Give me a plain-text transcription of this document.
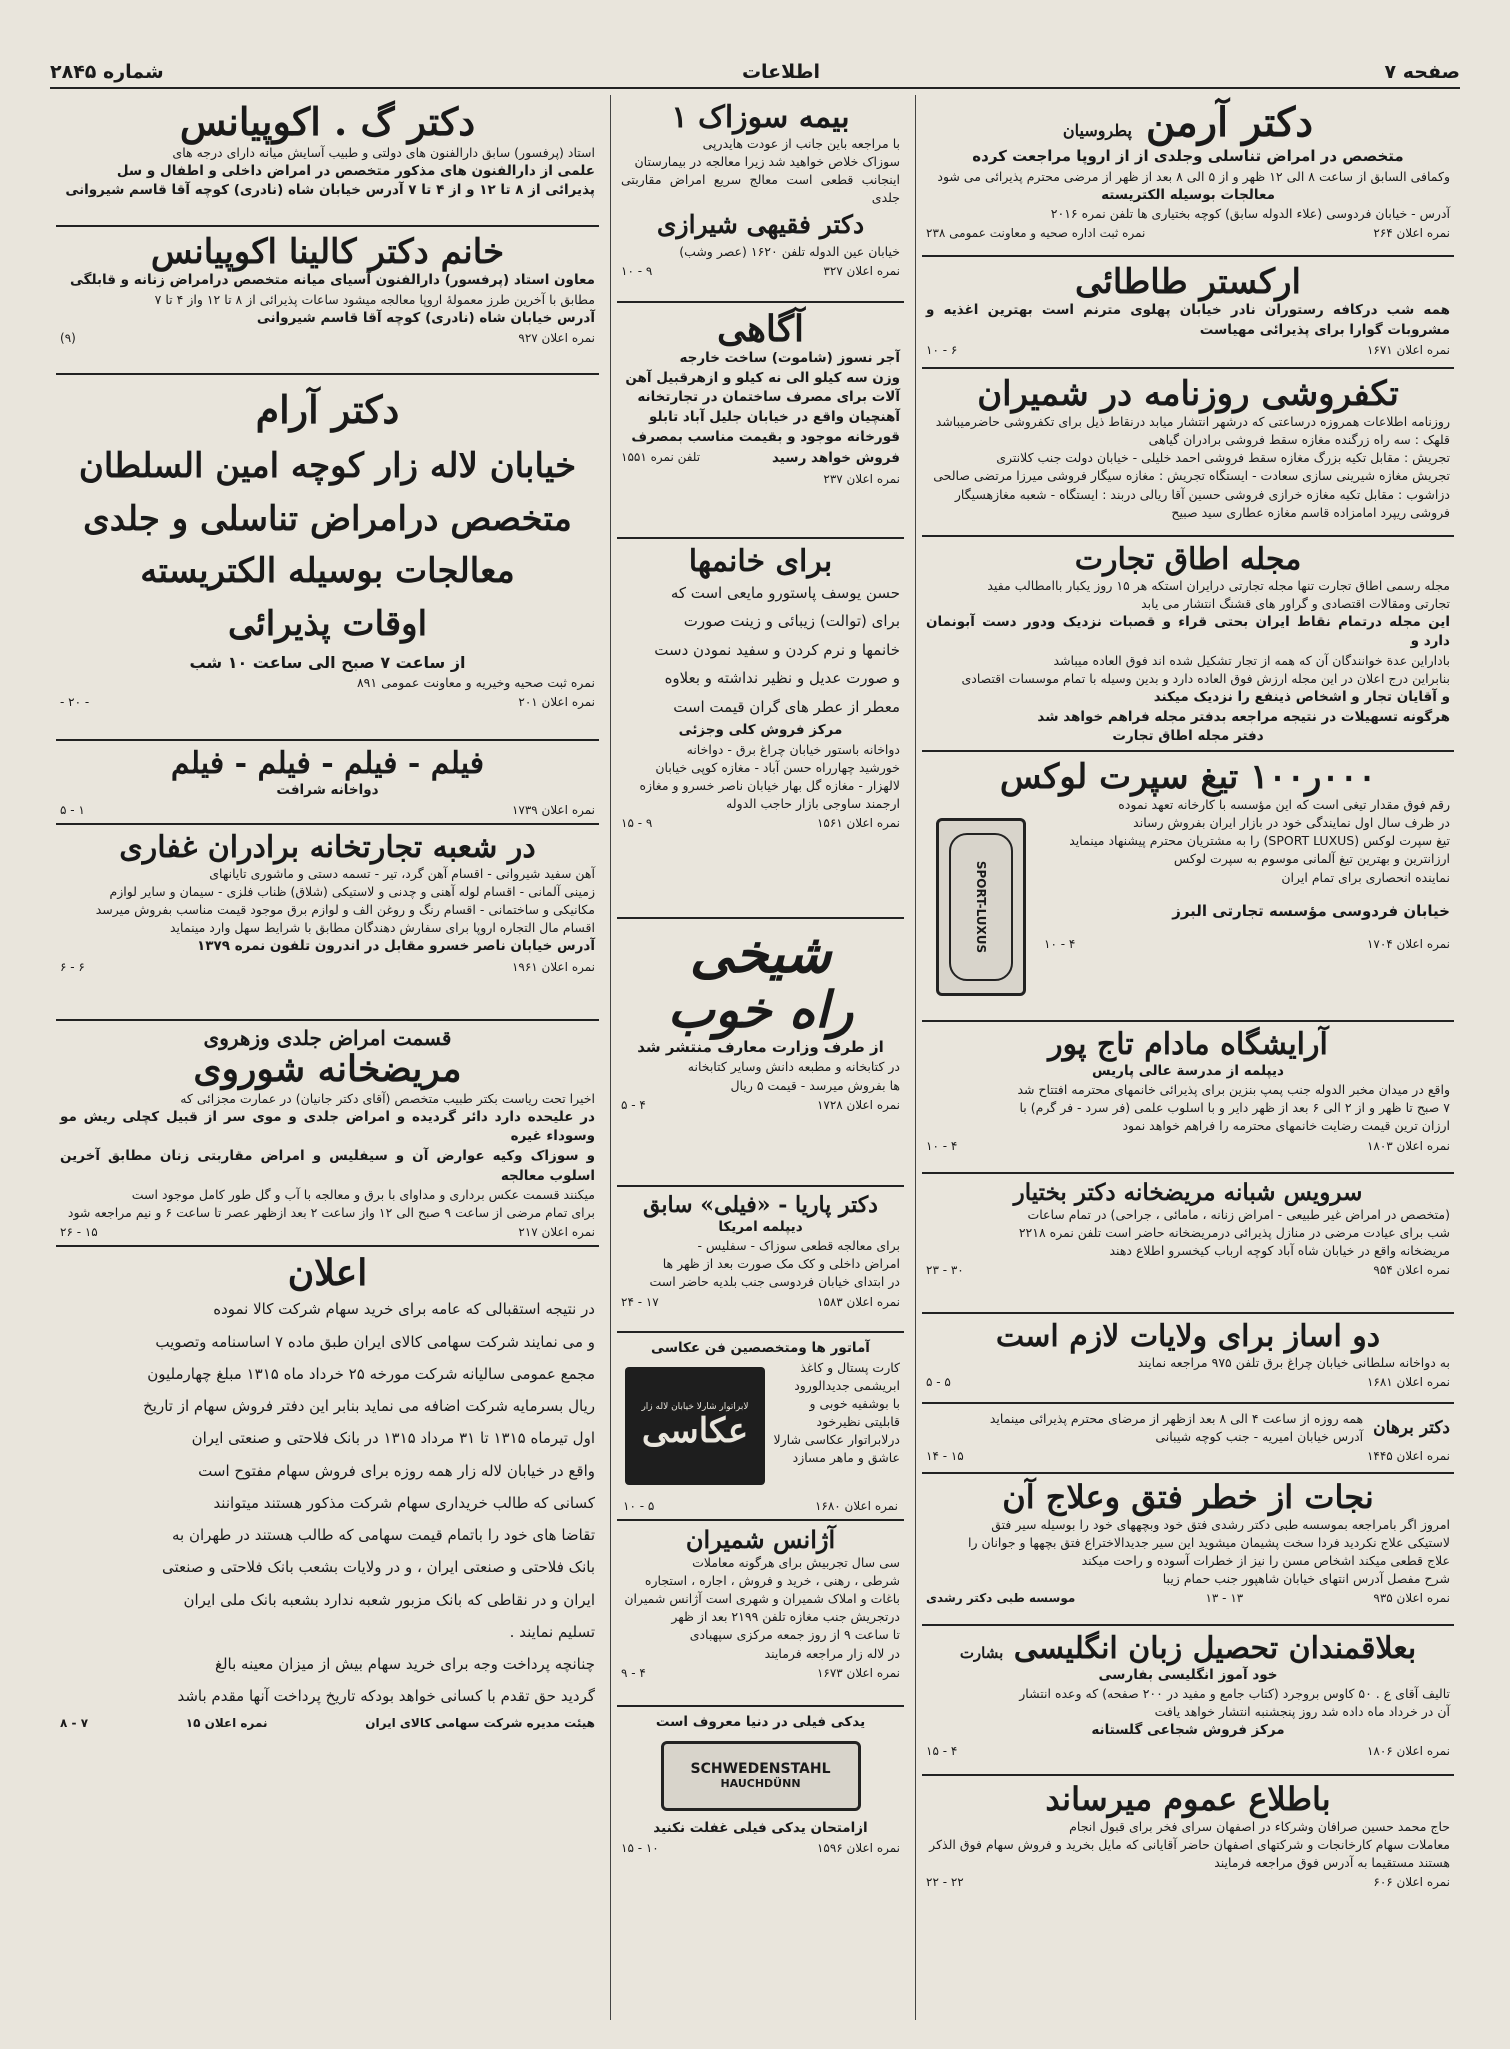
صفحه ۷
اطلاعات
شماره ۲۸۴۵
دکتر آرمن پطروسیان
متخصص در امراض تناسلی وجلدی از از اروپا مراجعت کرده
وکمافی السابق از ساعت ۸ الی ۱۲ ظهر و از ۵ الی ۸ بعد از ظهر از مرضی محترم پذیرائی می شود
معالجات بوسیله الکتریسته
آدرس - خیابان فردوسی (علاء الدوله سابق) کوچه بختیاری ها تلفن نمره ۲۰۱۶
نمره اعلان ۲۶۴
نمره ثبت اداره صحیه و معاونت عمومی ۲۳۸
ارکستر طاطائی
همه شب درکافه رستوران نادر خیابان پهلوی مترنم است بهترین اغذیه و مشروبات گوارا برای پذیرائی مهیاست
نمره اعلان ۱۶۷۱
۶ - ۱۰
تکفروشی روزنامه در شمیران
روزنامه اطلاعات همروزه درساعتی که درشهر انتشار میابد درنقاط ذیل برای تکفروشی حاضرمیباشد
قلهک : سه راه زرگنده مغازه سقط فروشی برادران گیاهی
تجریش : مقابل تکیه بزرگ مغازه سقط فروشی احمد خلیلی - خیابان دولت جنب کلانتری
تجریش مغازه شیرینی سازی سعادت - ایستگاه تجریش : مغازه سیگار فروشی میرزا مرتضی صالحی
دزاشوب : مقابل تکیه مغازه خرازی فروشی حسین آقا ریالی دربند : ایستگاه - شعبه مغازهسیگار
فروشی ریپرد امامزاده قاسم مغازه عطاری سید صبیح
مجله اطاق تجارت
مجله رسمی اطاق تجارت تنها مجله تجارتی درایران استکه هر ۱۵ روز یکبار باامطالب مفید
تجارتی ومقالات اقتصادی و گراور های قشنگ انتشار می یابد
این مجله درتمام نقاط ایران بحتی قراء و قصبات نزدیک ودور دست آبونمان دارد و
باداراین عدة خوانندگان آن که همه از تجار تشکیل شده اند فوق العاده میباشد
بنابراین درج اعلان در این مجله ارزش فوق العاده دارد و بدین وسیله با تمام موسسات اقتصادی
و آقایان تجار و اشخاص ذینفع را نزدیک میکند
هرگونه تسهیلات در نتیجه مراجعه بدفتر مجله فراهم خواهد شد
دفتر مجله اطاق تجارت
۰۰۰ر۱۰۰ تیغ سپرت لوکس
SPORT-LUXUS
رقم فوق مقدار تیغی است که این مؤسسه با کارخانه تعهد نموده
در ظرف سال اول نمایندگی خود در بازار ایران بفروش رساند
تیغ سپرت لوکس (SPORT LUXUS) را به مشتریان محترم پیشنهاد مینماید
ارزانترین و بهترین تیغ آلمانی موسوم به سپرت لوکس
نماینده انحصاری برای تمام ایران
خیابان فردوسی مؤسسه تجارتی البرز
نمره اعلان ۱۷۰۴
۴ - ۱۰
آرایشگاه مادام تاج پور
دیپلمه از مدرسة عالی پاریس
واقع در میدان مخبر الدوله جنب پمپ بنزین برای پذیرائی خانمهای محترمه افتتاح شد
۷ صبح تا ظهر و از ۲ الی ۶ بعد از ظهر دایر و با اسلوب علمی (فر سرد - فر گرم) با
ارزان ترین قیمت رضایت خانمهای محترمه را فراهم خواهد نمود
نمره اعلان ۱۸۰۳
۴ - ۱۰
سرویس شبانه مریضخانه دکتر بختیار
(متخصص در امراض غیر طبیعی - امراض زنانه ، مامائی ، جراحی) در تمام ساعات
شب برای عیادت مرضی در منازل پذیرائی درمریضخانه حاضر است تلفن نمره ۲۲۱۸
مریضخانه واقع در خیابان شاه آباد کوچه ارباب کیخسرو اطلاع دهند
نمره اعلان ۹۵۴
۳۰ - ۲۳
دو اساز برای ولایات لازم است
به دواخانه سلطانی خیابان چراغ برق تلفن ۹۷۵ مراجعه نمایند
نمره اعلان ۱۶۸۱
۵ - ۵
دکتر برهان
همه روزه از ساعت ۴ الی ۸ بعد ازظهر از مرضای محترم پذیرائی مینماید
آدرس خیابان امیریه - جنب کوچه شیبانی
نمره اعلان ۱۴۴۵
۱۵ - ۱۴
نجات از خطر فتق وعلاج آن
امروز اگر بامراجعه بموسسه طبی دکتر رشدی فتق خود وبچههای خود را بوسیله سیر فتق
لاستیکی علاج نکردید فردا سخت پشیمان میشوید این سیر جدیدالاختراع فتق بچهها و جوانان را
علاج قطعی میکند اشخاص مسن را نیز از خطرات آسوده و راحت میکند
شرح مفصل آدرس انتهای خیابان شاهپور جنب حمام زیبا
نمره اعلان ۹۳۵
۱۳ - ۱۳
موسسه طبی دکتر رشدی
بعلاقمندان تحصیل زبان انگلیسی بشارت
خود آموز انگلیسی بفارسی
تالیف آقای ع . ۵۰ کاوس بروجرد (کتاب جامع و مفید در ۲۰۰ صفحه) که وعده انتشار
آن در خرداد ماه داده شد روز پنجشنبه انتشار خواهد یافت
مرکز فروش شجاعی گلستانه
نمره اعلان ۱۸۰۶
۴ - ۱۵
باطلاع عموم میرساند
حاج محمد حسین صرافان وشرکاء در اصفهان سرای فخر برای قبول انجام
معاملات سهام کارخانجات و شرکتهای اصفهان حاضر آقایانی که مایل بخرید و فروش سهام فوق الذکر
هستند مستقیما به آدرس فوق مراجعه فرمایند
نمره اعلان ۶۰۶
۲۲ - ۲۲
بیمه سوزاک ۱
با مراجعه باین جانب از عودت هایدرپی
سوزاک خلاص خواهید شد زیرا معالجه در بیمارستان
اینجانب قطعی است معالج سریع امراض مقاربتی جلدی
دکتر فقیهی شیرازی
خیابان عین الدوله تلفن ۱۶۲۰ (عصر وشب)
نمره اعلان ۳۲۷
۹ - ۱۰
آگاهی
آجر نسوز (شاموت) ساخت خارجه
وزن سه کیلو الی نه کیلو و ازهرقبیل آهن
آلات برای مصرف ساختمان در تجارتخانه
آهنچیان واقع در خیابان جلیل آباد تابلو
قورخانه موجود و بقیمت مناسب بمصرف
فروش خواهد رسید
تلفن نمره ۱۵۵۱
نمره اعلان ۲۳۷
برای خانمها
حسن یوسف پاستورو مایعی است که
برای (توالت) زیبائی و زینت صورت
خانمها و نرم کردن و سفید نمودن دست
و صورت عدیل و نظیر نداشته و بعلاوه
معطر از عطر های گران قیمت است
مرکز فروش کلی وجزئی
دواخانه باستور خیابان چراغ برق - دواخانه
خورشید چهارراه حسن آباد - مغازه کوپی خیابان
لالهزار - مغازه گل بهار خیابان ناصر خسرو و مغازه
ارجمند ساوجی بازار حاجب الدوله
نمره اعلان ۱۵۶۱
۹ - ۱۵
شیخی
راه خوب
از طرف وزارت معارف منتشر شد
در کتابخانه و مطبعه دانش وسایر کتابخانه
ها بفروش میرسد - قیمت ۵ ریال
نمره اعلان ۱۷۲۸
۴ - ۵
دکتر پاریا - «فیلی» سابق
دیپلمه امریکا
برای معالجه قطعی سوزاک - سفلیس -
امراض داخلی و کک مک صورت بعد از ظهر ها
در ابتدای خیابان فردوسی جنب بلدیه حاضر است
نمره اعلان ۱۵۸۳
۱۷ - ۲۴
آماتور ها ومتخصصین فن عکاسی
لابراتوار شارلا خیابان لاله زار
عکاسی
کارت پستال و کاغذ
ابریشمی جدیدالورود
با بوشفیه خوبی و
قابلیتی نظیرخود
درلابراتوار عکاسی شارلا
عاشق و ماهر مسازد
نمره اعلان ۱۶۸۰
۵ - ۱۰
آژانس شمیران
سی سال تجربیش برای هرگونه معاملات
شرطی ، رهنی ، خرید و فروش ، اجاره ، استجاره
باغات و املاک شمیران و شهری است آژانس شمیران
درتجریش جنب مغازه تلفن ۲۱۹۹ بعد از ظهر
تا ساعت ۹ از روز جمعه مرکزی سپهبادی
در لاله زار مراجعه فرمایند
نمره اعلان ۱۶۷۳
۴ - ۹
یدکی فیلی در دنیا معروف است
SCHWEDENSTAHL
HAUCHDÜNN
ازامتحان یدکی فیلی غفلت نکنید
نمره اعلان ۱۵۹۶
۱۰ - ۱۵
دکتر گ . اکوپیانس
استاد (پرفسور) سابق دارالفنون های دولتی و طبیب آسایش میانه دارای درجه های
علمی از دارالفنون های مذکور متخصص در امراض داخلی و اطفال و سل
پذیرائی از ۸ تا ۱۲ و از ۴ تا ۷ آدرس خیابان شاه (نادری) کوچه آقا قاسم شیروانی
خانم دکتر کالینا اکوپیانس
معاون استاد (پرفسور) دارالفنون آسیای میانه متخصص درامراض زنانه و قابلگی
مطابق با آخرین طرز معمولهٔ اروپا معالجه میشود ساعات پذیرائی از ۸ تا ۱۲ واز ۴ تا ۷
آدرس خیابان شاه (نادری) کوچه آقا قاسم شیروانی
نمره اعلان ۹۲۷
(۹)
دکتر آرام
خیابان لاله زار کوچه امین السلطان
متخصص درامراض تناسلی و جلدی
معالجات بوسیله الکتریسته
اوقات پذیرائی
از ساعت ۷ صبح الی ساعت ۱۰ شب
نمره ثبت صحیه وخیریه و معاونت عمومی ۸۹۱
نمره اعلان ۲۰۱
- ۲۰ -
فیلم - فیلم - فیلم - فیلم
دواخانه شرافت
نمره اعلان ۱۷۳۹
۱ - ۵
در شعبه تجارتخانه برادران غفاری
آهن سفید شیروانی - اقسام آهن گرد، تیر - تسمه دستی و ماشوری تایانهای
زمینی آلمانی - اقسام لوله آهنی و چدنی و لاستیکی (شلاق) ظناب فلزی - سیمان و سایر لوازم
مکانیکی و ساختمانی - اقسام رنگ و روغن الف و لوازم برق موجود قیمت مناسب بفروش میرسد
اقسام مال التجاره اروپا برای سفارش دهندگان مطابق با شرایط سهل وارد مینماید
آدرس خیابان ناصر خسرو مقابل در اندرون تلفون نمره ۱۳۷۹
نمره اعلان ۱۹۶۱
۶ - ۶
قسمت امراض جلدی وزهروی
مریضخانه شوروی
اخیرا تحت ریاست بکتر طبیب متخصص (آقای دکتر جانیان) در عمارت مجزائی که
در علیحده دارد دائر گردیده و امراض جلدی و موی سر از قبیل کچلی ریش مو وسوداء غیره
و سوزاک وکیه عوارض آن و سیفلیس و امراض مقاربتی زنان مطابق آخرین اسلوب معالجه
میکنند قسمت عکس برداری و مداوای با برق و معالجه با آب و گل طور کامل موجود است
برای تمام مرضی از ساعت ۹ صبح الی ۱۲ واز ساعت ۲ بعد ازظهر عصر تا ساعت ۶ و نیم مراجعه شود
نمره اعلان ۲۱۷
۱۵ - ۲۶
اعلان
در نتیجه استقبالی که عامه برای خرید سهام شرکت کالا نموده
و می نمایند شرکت سهامی کالای ایران طبق ماده ۷ اساسنامه وتصویب
مجمع عمومی سالیانه شرکت مورخه ۲۵ خرداد ماه ۱۳۱۵ مبلغ چهارملیون
ریال بسرمایه شرکت اضافه می نماید بنابر این دفتر فروش سهام از تاریخ
اول تیرماه ۱۳۱۵ تا ۳۱ مرداد ۱۳۱۵ در بانک فلاحتی و صنعتی ایران
واقع در خیابان لاله زار همه روزه برای فروش سهام مفتوح است
کسانی که طالب خریداری سهام شرکت مذکور هستند میتوانند
تقاضا های خود را باتمام قیمت سهامی که طالب هستند در طهران به
بانک فلاحتی و صنعتی ایران ، و در ولایات بشعب بانک فلاحتی و صنعتی
ایران و در نقاطی که بانک مزبور شعبه ندارد بشعبه بانک ملی ایران
تسلیم نمایند .
چنانچه پرداخت وجه برای خرید سهام بیش از میزان معینه بالغ
گردید حق تقدم با کسانی خواهد بودکه تاریخ پرداخت آنها مقدم باشد
هیئت مدیره شرکت سهامی کالای ایران
نمره اعلان ۱۵
۷ - ۸
